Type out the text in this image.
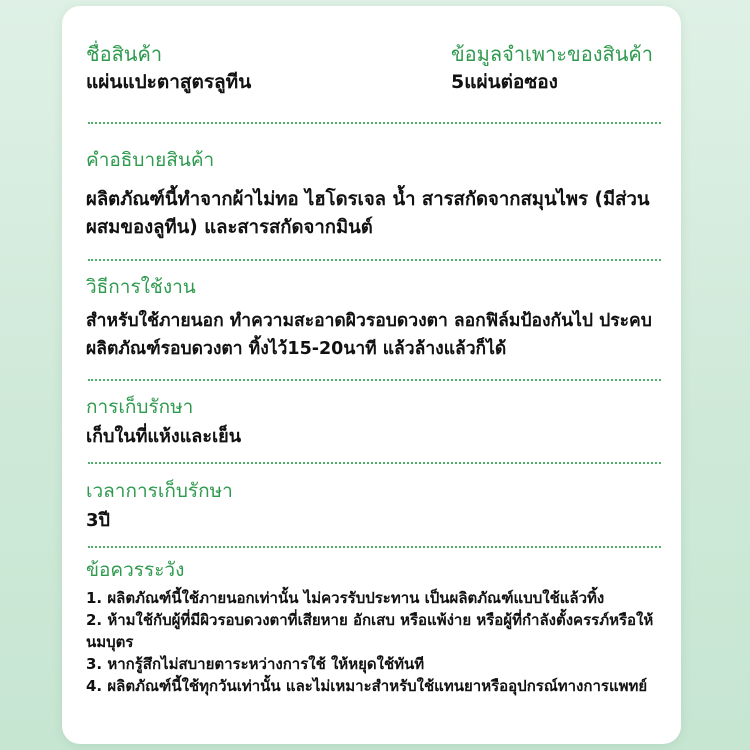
ชื่อสินค้า
แผ่นแปะตาสูตรลูทีน
ข้อมูลจำเพาะของสินค้า
5แผ่นต่อซอง
คำอธิบายสินค้า
ผลิตภัณฑ์นี้ทำจากผ้าไม่ทอ ไฮโดรเจล น้ำ สารสกัดจากสมุนไพร (มีส่วนผสมของลูทีน) และสารสกัดจากมินต์
วิธีการใช้งาน
สำหรับใช้ภายนอก ทำความสะอาดผิวรอบดวงตา ลอกฟิล์มป้องกันไป ประคบผลิตภัณฑ์รอบดวงตา ทิ้งไว้15-20นาที แล้วล้างแล้วก็ได้
การเก็บรักษา
เก็บในที่แห้งและเย็น
เวลาการเก็บรักษา
3ปี
ข้อควรระวัง
1. ผลิตภัณฑ์นี้ใช้ภายนอกเท่านั้น ไม่ควรรับประทาน เป็นผลิตภัณฑ์แบบใช้แล้วทิ้ง
2. ห้ามใช้กับผู้ที่มีผิวรอบดวงตาที่เสียหาย อักเสบ หรือแพ้ง่าย หรือผู้ที่กำลังตั้งครรภ์หรือให้นมบุตร
3. หากรู้สึกไม่สบายตาระหว่างการใช้ ให้หยุดใช้ทันที
4. ผลิตภัณฑ์นี้ใช้ทุกวันเท่านั้น และไม่เหมาะสำหรับใช้แทนยาหรืออุปกรณ์ทางการแพทย์
